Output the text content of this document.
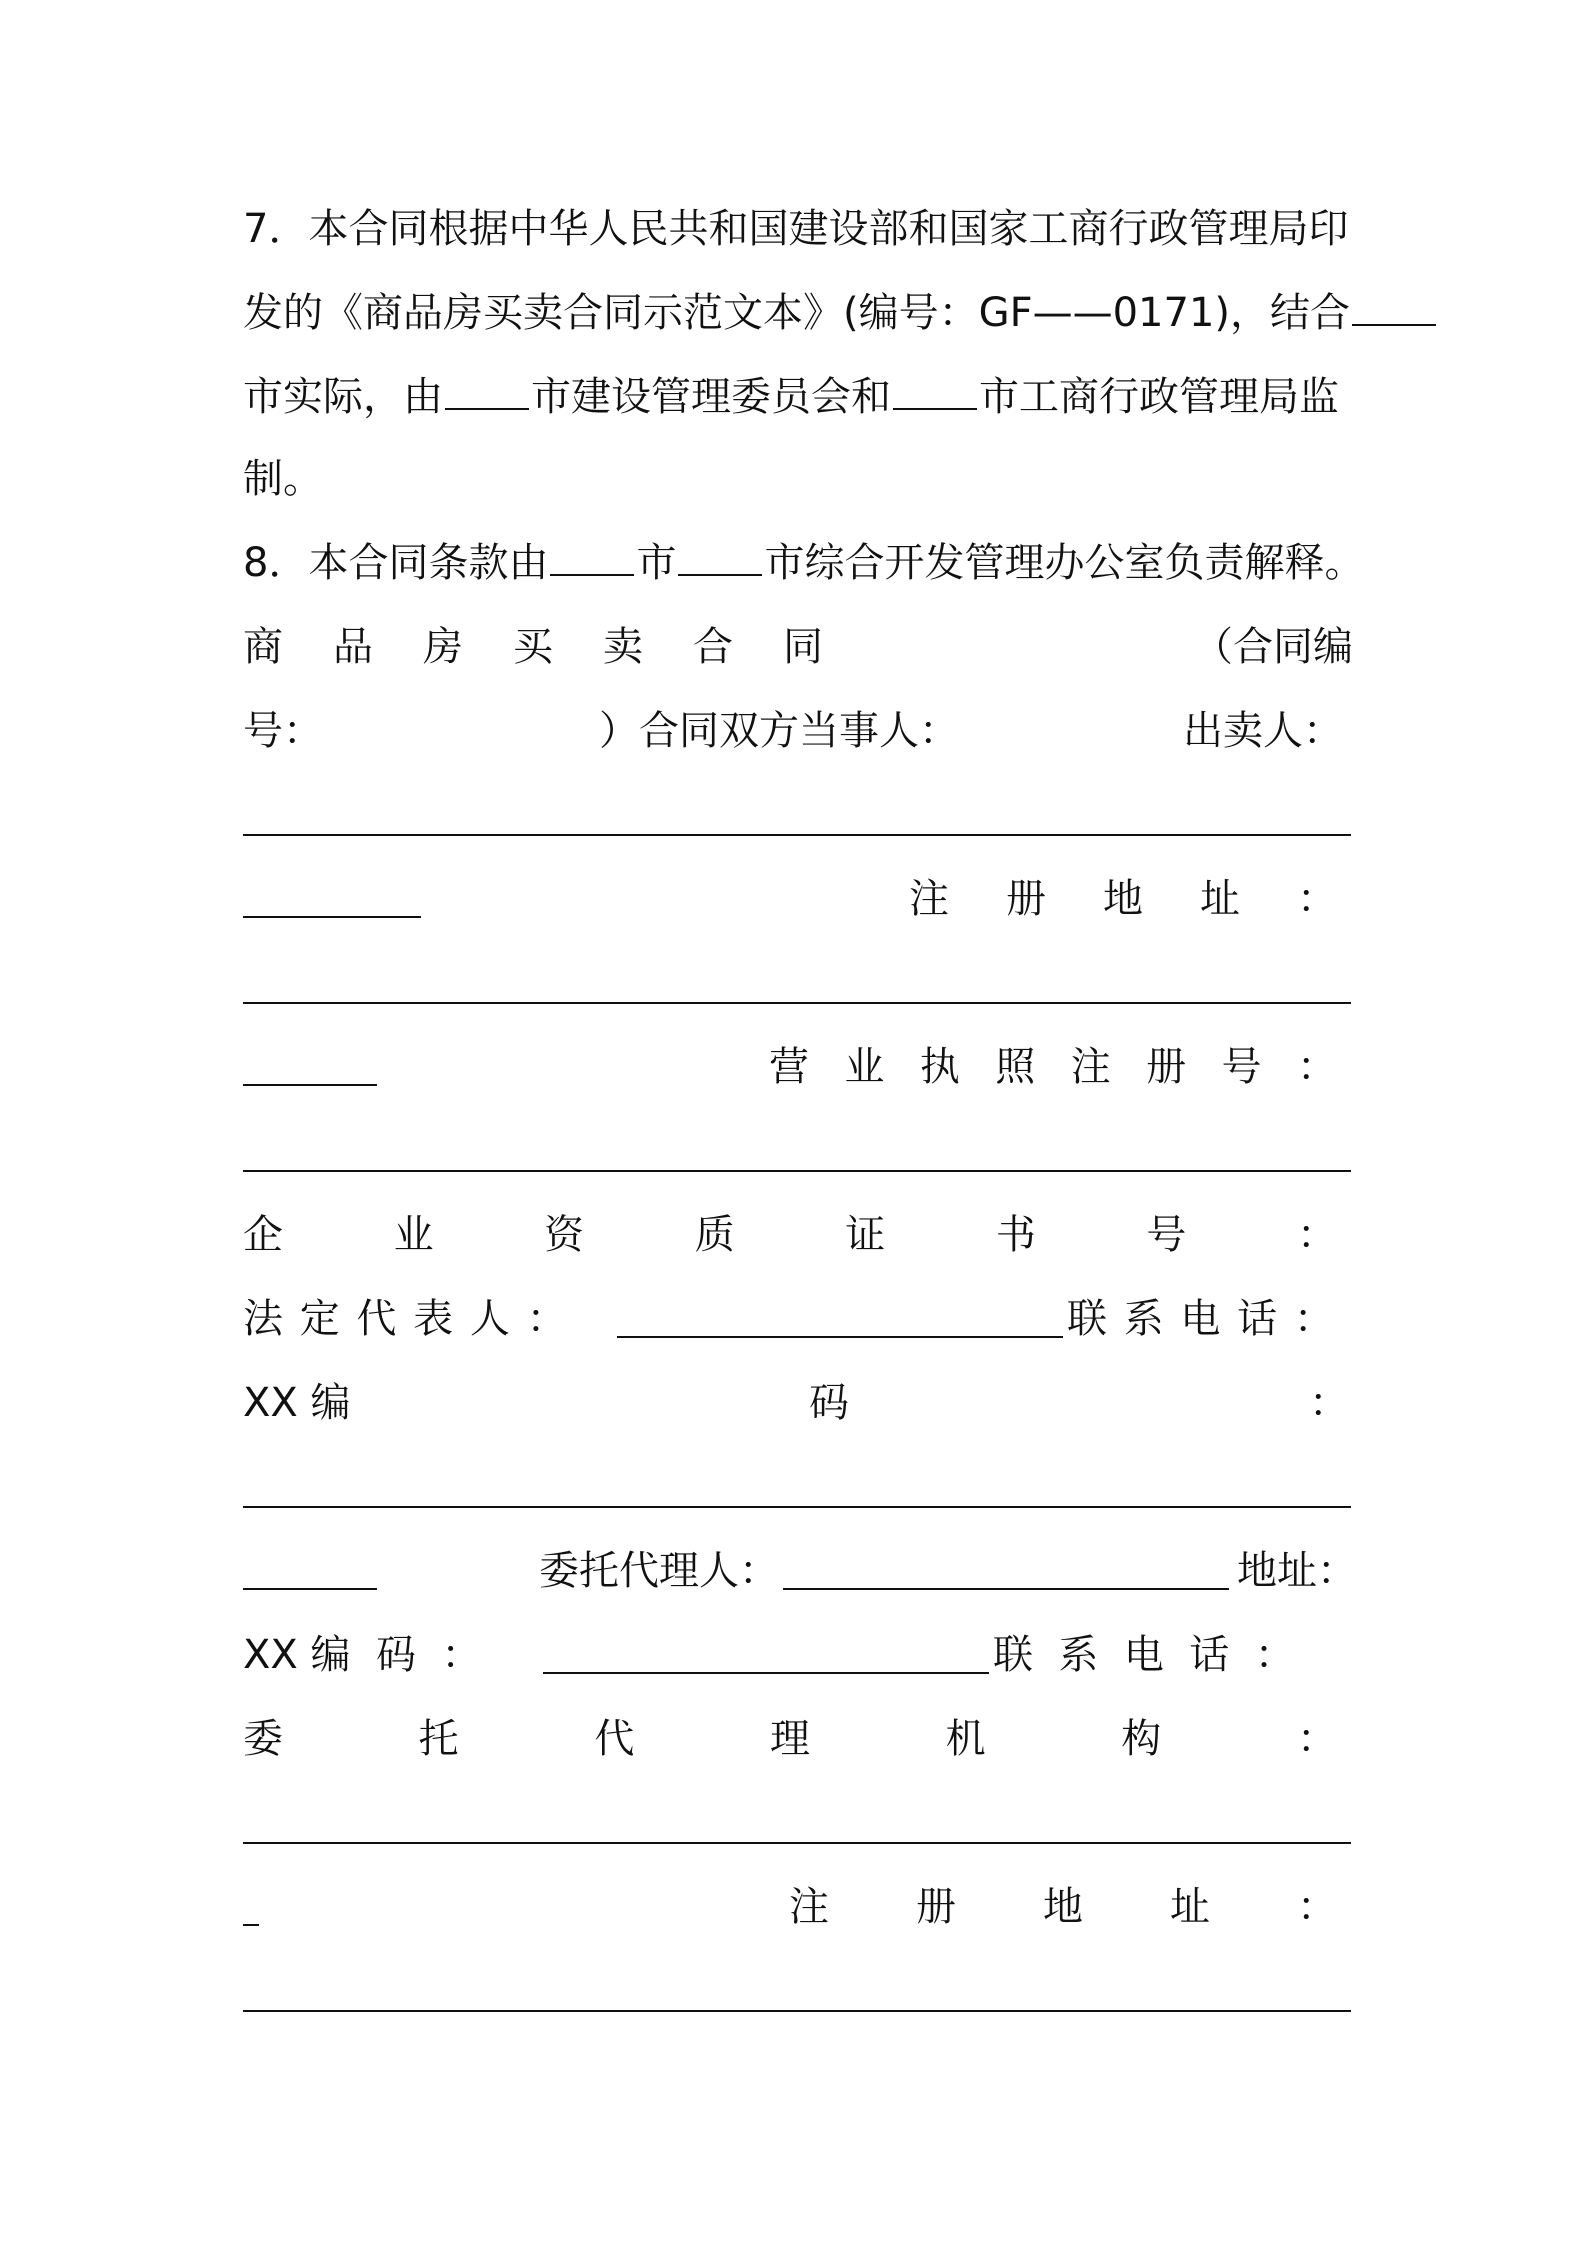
7．本合同根据中华人民共和国建设部和国家工商行政管理局印
发的《商品房买卖合同示范文本》(编号：GF——0171)，结合
市实际，由 市建设管理委员会和 市工商行政管理局监
制。
8．本合同条款由 市 市综合开发管理办公室负责解释。
商 品 房 买 卖 合 同	（合同编
号：	）合同双方当事人：	出卖人：
注 册 地 址 ：
营 业 执 照 注 册 号 ：
企	业	资	质	证	书	号	：
法 定 代 表 人 ：	联 系 电 话 ：
XX 编	码	：
委托代理人：	地址：
XX 编  码  ：	联  系  电  话  ：
委	托	代	理	机	构	：
注 册 地 址 ：
